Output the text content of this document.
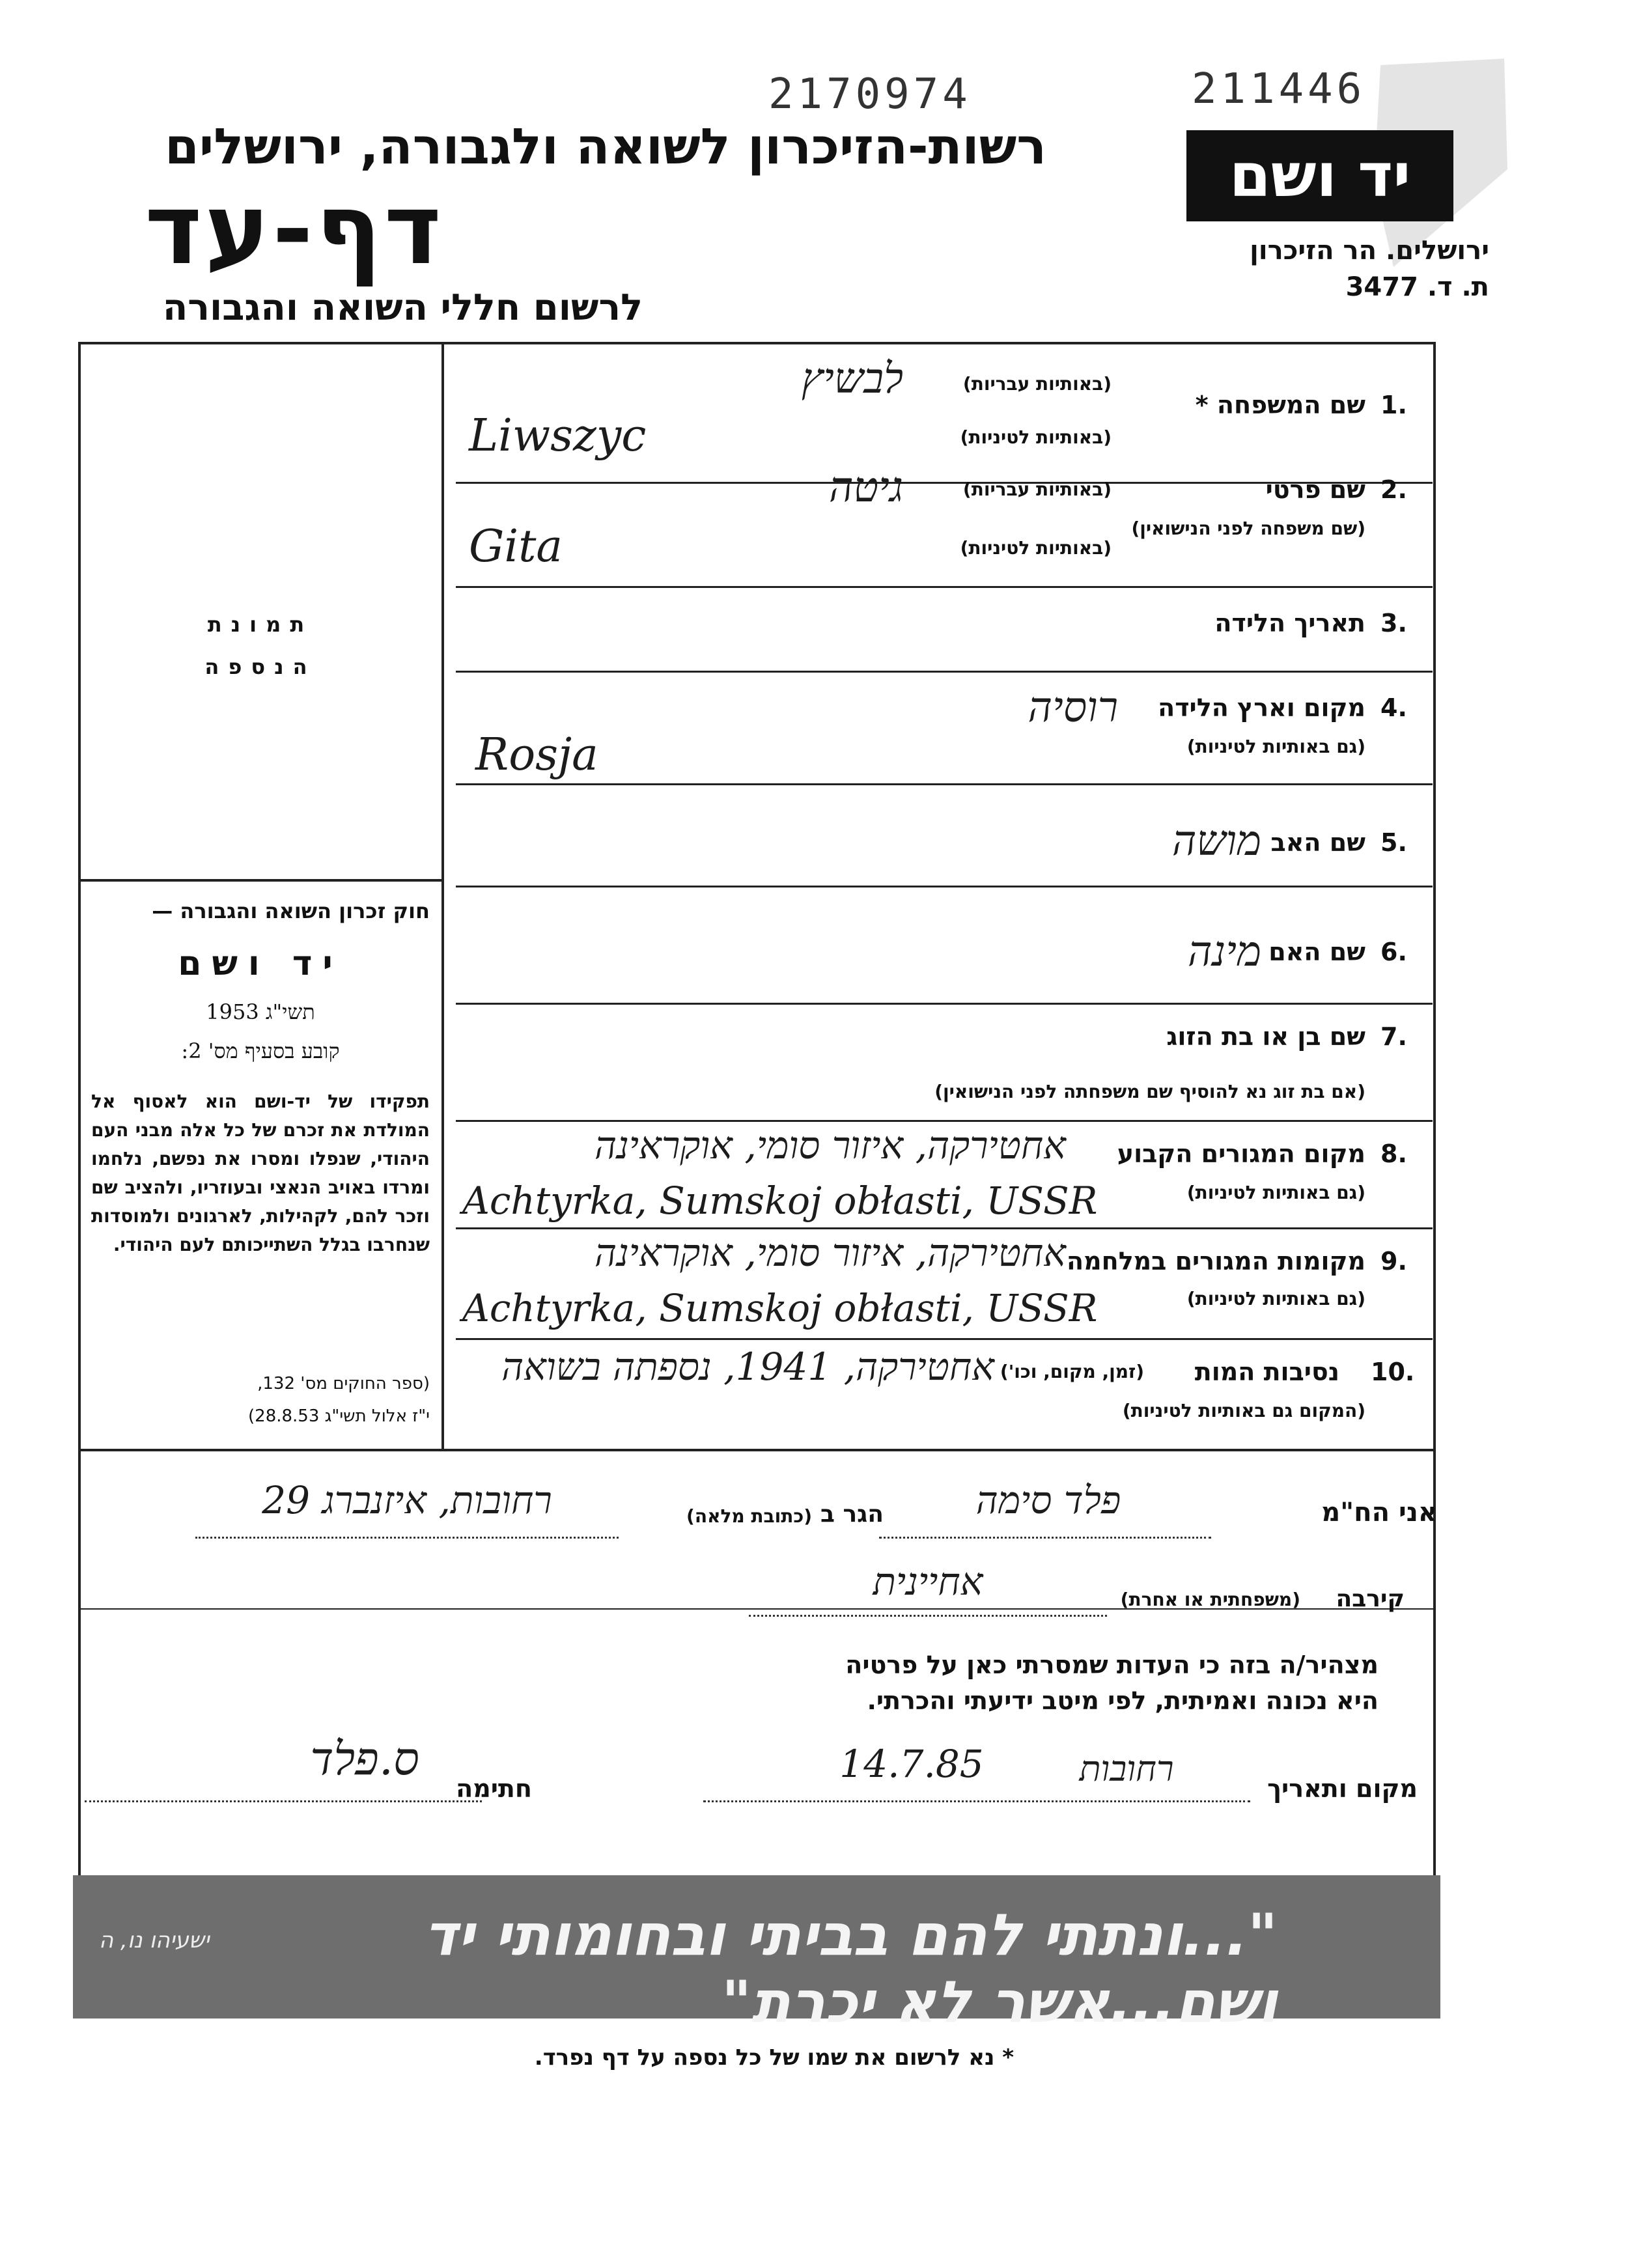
2170974	211446
רשות-הזיכרון לשואה ולגבורה, ירושלים
דף-עד
לרשום חללי השואה והגבורה
יד ושם
ירושלים. הר הזיכרון
ת. ד. 3477
תמונת
הנספה
חוק זכרון השואה והגבורה —
יד ושם
תשי"ג 1953
קובע בסעיף מס' 2:
תפקידו של יד-ושם הוא לאסוף אל המולדת את זכרם של כל אלה מבני העם היהודי, שנפלו ומסרו את נפשם, נלחמו ומרדו באויב הנאצי ובעוזריו, ולהציב שם וזכר להם, לקהילות, לארגונים ולמוסדות שנחרבו בגלל השתייכותם לעם היהודי.
(ספר החוקים מס' 132,
י"ז אלול תשי"ג 28.8.53)
1.
שם המשפחה *
(באותיות עבריות)
לבשיץ
(באותיות לטיניות)
Liwszyc
2.
שם פרטי
(שם משפחה לפני הנישואין)
(באותיות עבריות)
גיטה
(באותיות לטיניות)
Gita
3.
תאריך הלידה
4.
מקום וארץ הלידה
רוסיה
(גם באותיות לטיניות)
Rosja
5.
שם האב
מושה
6.
שם האם
מינה
7.
שם בן או בת הזוג
(אם בת זוג נא להוסיף שם משפחתה לפני הנישואין)
8.
מקום המגורים הקבוע
אחטירקה, איזור סומי, אוקראינה
(גם באותיות לטיניות)
Achtyrka, Sumskoj obłasti, USSR
9.
מקומות המגורים במלחמה
אחטירקה, איזור סומי, אוקראינה
(גם באותיות לטיניות)
Achtyrka, Sumskoj obłasti, USSR
10.
נסיבות המות
(זמן, מקום, וכו')
(המקום גם באותיות לטיניות)
אחטירקה, 1941, נספתה בשואה
אני הח"מ
פלד סימה
הגר ב
(כתובת מלאה)
רחובות, איזנברג 29
קירבה
(משפחתית או אחרת)
אחיינית
מצהיר/ה בזה כי העדות שמסרתי כאן על פרטיה
היא נכונה ואמיתית, לפי מיטב ידיעתי והכרתי.
מקום ותאריך
רחובות
14.7.85
חתימה
ס.פלד
"...ונתתי להם בביתי ובחומותי יד ושם...אשר לא יכרת"
ישעיהו נו, ה
* נא לרשום את שמו של כל נספה על דף נפרד.
